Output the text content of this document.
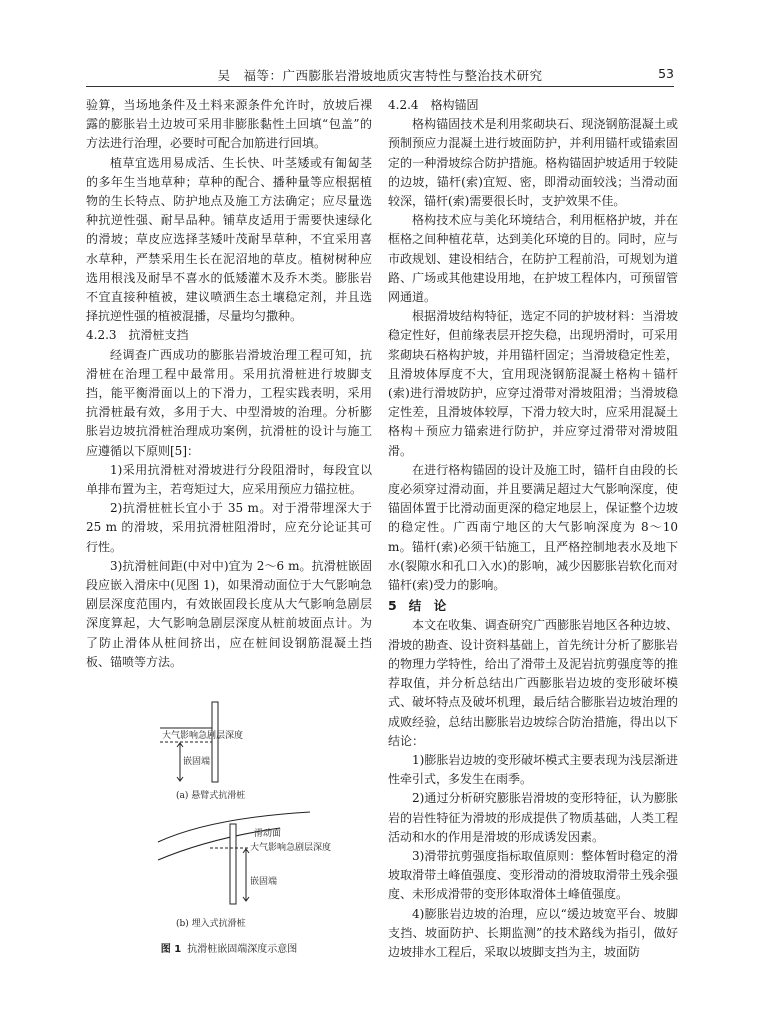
吴　福等：广西膨胀岩滑坡地质灾害特性与整治技术研究	53

验算，当场地条件及土料来源条件允许时，放坡后裸露的膨胀岩土边坡可采用非膨胀黏性土回填“包盖”的方法进行治理，必要时可配合加筋进行回填。

植草宜选用易成活、生长快、叶茎矮或有匍匐茎的多年生当地草种；草种的配合、播种量等应根据植物的生长特点、防护地点及施工方法确定；应尽量选种抗逆性强、耐旱品种。铺草皮适用于需要快速绿化的滑坡；草皮应选择茎矮叶茂耐旱草种，不宜采用喜水草种，严禁采用生长在泥沼地的草皮。植树树种应选用根浅及耐旱不喜水的低矮灌木及乔木类。膨胀岩不宜直接种植被，建议喷洒生态土壤稳定剂，并且选择抗逆性强的植被混播，尽量均匀撒种。

4.2.3　抗滑桩支挡

经调查广西成功的膨胀岩滑坡治理工程可知，抗滑桩在治理工程中最常用。采用抗滑桩进行坡脚支挡，能平衡滑面以上的下滑力，工程实践表明，采用抗滑桩最有效，多用于大、中型滑坡的治理。分析膨胀岩边坡抗滑桩治理成功案例，抗滑桩的设计与施工应遵循以下原则[5]：

1)采用抗滑桩对滑坡进行分段阻滑时，每段宜以单排布置为主，若弯矩过大，应采用预应力锚拉桩。

2)抗滑桩桩长宜小于 35 m。对于滑带埋深大于 25 m 的滑坡，采用抗滑桩阻滑时，应充分论证其可行性。

3)抗滑桩间距(中对中)宜为 2～6 m。抗滑桩嵌固段应嵌入滑床中(见图 1)，如果滑动面位于大气影响急剧层深度范围内，有效嵌固段长度从大气影响急剧层深度算起，大气影响急剧层深度从桩前坡面点计。为了防止滑体从桩间挤出，应在桩间设钢筋混凝土挡板、锚喷等方法。

大气影响急剧层深度
嵌固端
(a) 悬臂式抗滑桩
滑动面
大气影响急剧层深度
嵌固端
(b) 埋入式抗滑桩
图 1 抗滑桩嵌固端深度示意图
4.2.4　格构锚固

格构锚固技术是利用浆砌块石、现浇钢筋混凝土或预制预应力混凝土进行坡面防护，并利用锚杆或锚索固定的一种滑坡综合防护措施。格构锚固护坡适用于较陡的边坡，锚杆(索)宜短、密，即滑动面较浅；当滑动面较深，锚杆(索)需要很长时，支护效果不佳。

格构技术应与美化环境结合，利用框格护坡，并在框格之间种植花草，达到美化环境的目的。同时，应与市政规划、建设相结合，在防护工程前沿，可规划为道路、广场或其他建设用地，在护坡工程体内，可预留管网通道。

根据滑坡结构特征，选定不同的护坡材料：当滑坡稳定性好，但前缘表层开挖失稳，出现坍滑时，可采用浆砌块石格构护坡，并用锚杆固定；当滑坡稳定性差，且滑坡体厚度不大，宜用现浇钢筋混凝土格构＋锚杆(索)进行滑坡防护，应穿过滑带对滑坡阻滑；当滑坡稳定性差，且滑坡体较厚，下滑力较大时，应采用混凝土格构＋预应力锚索进行防护，并应穿过滑带对滑坡阻滑。

在进行格构锚固的设计及施工时，锚杆自由段的长度必须穿过滑动面，并且要满足超过大气影响深度，使锚固体置于比滑动面更深的稳定地层上，保证整个边坡的稳定性。广西南宁地区的大气影响深度为 8～10 m。锚杆(索)必须干钻施工，且严格控制地表水及地下水(裂隙水和孔口入水)的影响，减少因膨胀岩软化而对锚杆(索)受力的影响。

5 结　论

本文在收集、调查研究广西膨胀岩地区各种边坡、滑坡的勘查、设计资料基础上，首先统计分析了膨胀岩的物理力学特性，给出了滑带土及泥岩抗剪强度等的推荐取值，并分析总结出广西膨胀岩边坡的变形破坏模式、破坏特点及破坏机理，最后结合膨胀岩边坡治理的成败经验，总结出膨胀岩边坡综合防治措施，得出以下结论：

1)膨胀岩边坡的变形破坏模式主要表现为浅层渐进性牵引式，多发生在雨季。

2)通过分析研究膨胀岩滑坡的变形特征，认为膨胀岩的岩性特征为滑坡的形成提供了物质基础，人类工程活动和水的作用是滑坡的形成诱发因素。

3)滑带抗剪强度指标取值原则：整体暂时稳定的滑坡取滑带土峰值强度、变形滑动的滑坡取滑带土残余强度、未形成滑带的变形体取滑体土峰值强度。

4)膨胀岩边坡的治理，应以“缓边坡宽平台、坡脚支挡、坡面防护、长期监测”的技术路线为指引，做好边坡排水工程后，采取以坡脚支挡为主，坡面防
